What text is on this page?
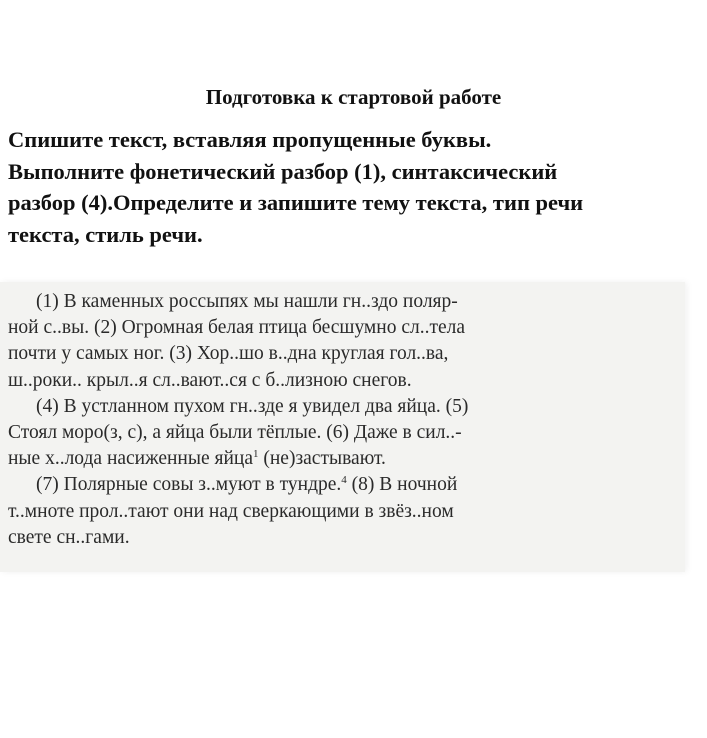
Подготовка к стартовой работе
Спишите текст, вставляя пропущенные буквы.
Выполните фонетический разбор (1), синтаксический
разбор (4).Определите и запишите тему текста, тип речи
текста, стиль речи.
(1) В каменных россыпях мы нашли гн..здо поляр-
ной с..вы. (2) Огромная белая птица бесшумно сл..тела
почти у самых ног. (3) Хор..шо в..дна круглая гол..ва,
ш..роки.. крыл..я сл..вают..ся с б..лизною снегов.
(4) В устланном пухом гн..зде я увидел два яйца. (5)
Стоял моро(з, с), а яйца были тёплые. (6) Даже в сил..-
ные х..лода насиженные яйца$^1$ (не)застывают.
(7) Полярные совы з..муют в тундре.$^4$ (8) В ночной
т..мноте прол..тают они над сверкающими в звёз..ном
свете сн..гами.
